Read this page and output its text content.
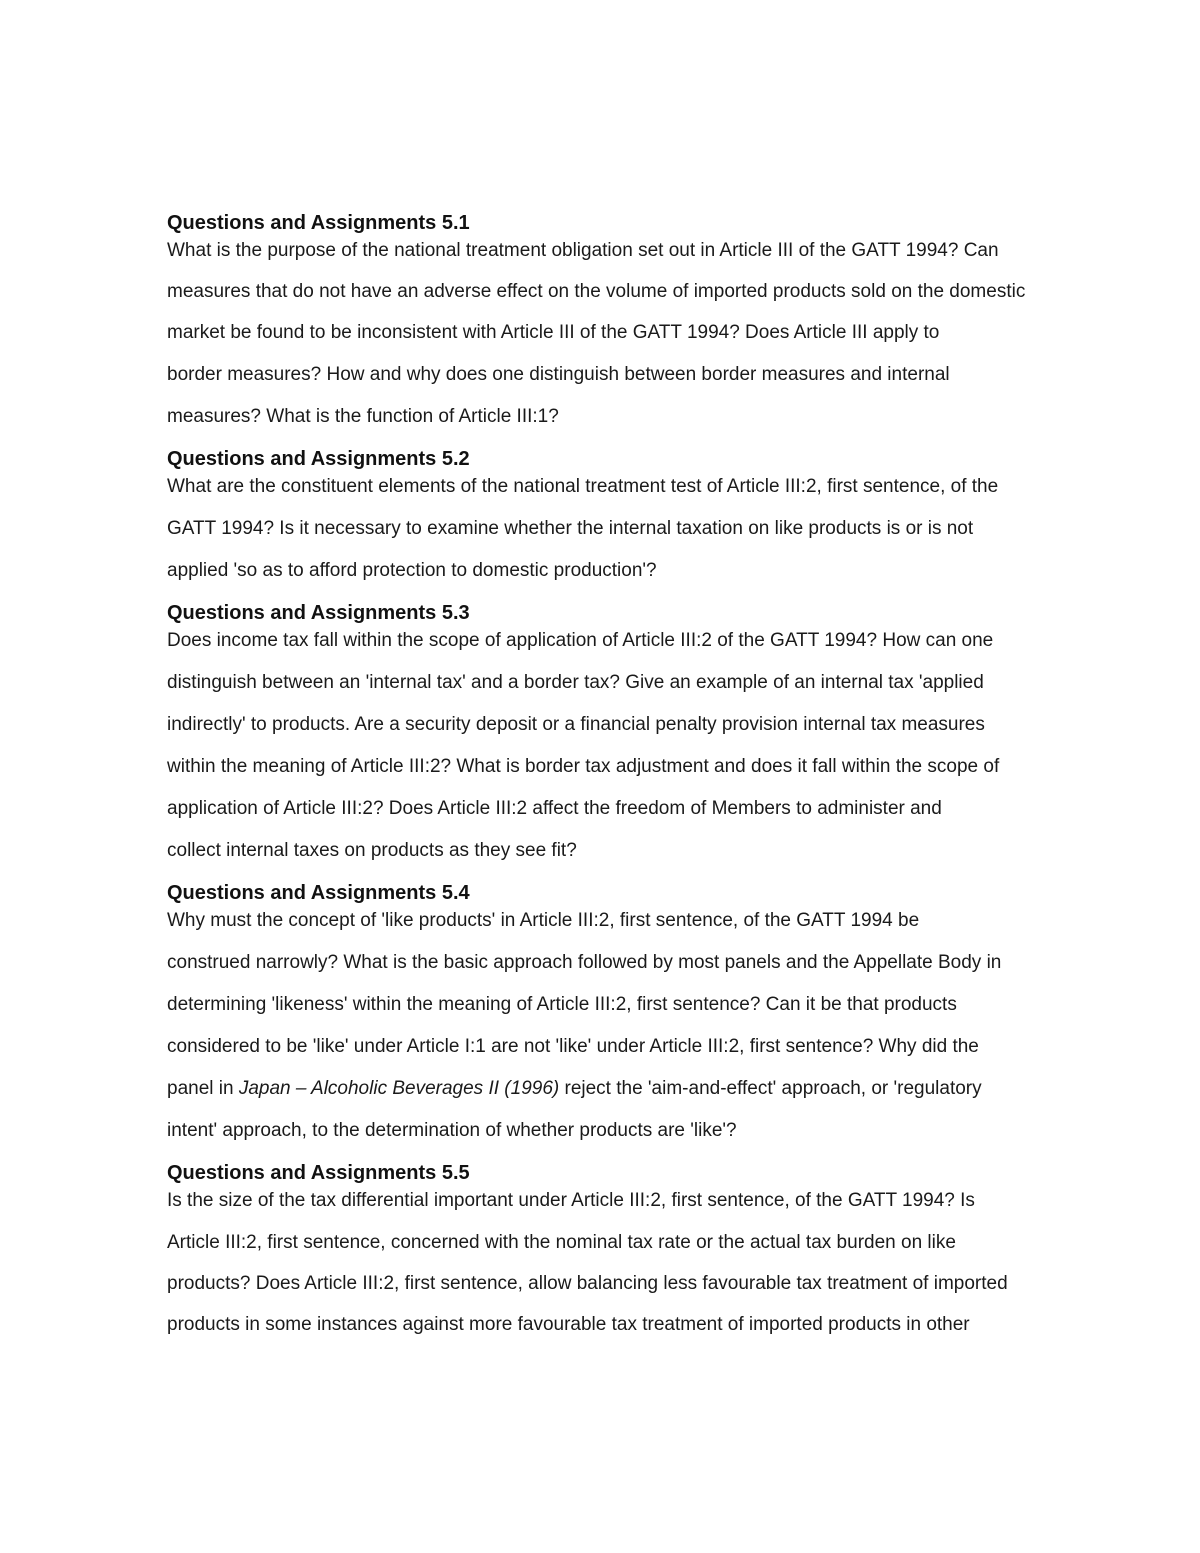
Questions and Assignments 5.1

What is the purpose of the national treatment obligation set out in Article III of the GATT 1994? Can

measures that do not have an adverse effect on the volume of imported products sold on the domestic

market be found to be inconsistent with Article III of the GATT 1994? Does Article III apply to

border measures? How and why does one distinguish between border measures and internal

measures? What is the function of Article III:1?

Questions and Assignments 5.2

What are the constituent elements of the national treatment test of Article III:2, first sentence, of the

GATT 1994? Is it necessary to examine whether the internal taxation on like products is or is not

applied 'so as to afford protection to domestic production'?

Questions and Assignments 5.3

Does income tax fall within the scope of application of Article III:2 of the GATT 1994? How can one

distinguish between an 'internal tax' and a border tax? Give an example of an internal tax 'applied

indirectly' to products. Are a security deposit or a financial penalty provision internal tax measures

within the meaning of Article III:2? What is border tax adjustment and does it fall within the scope of

application of Article III:2? Does Article III:2 affect the freedom of Members to administer and

collect internal taxes on products as they see fit?

Questions and Assignments 5.4

Why must the concept of 'like products' in Article III:2, first sentence, of the GATT 1994 be

construed narrowly? What is the basic approach followed by most panels and the Appellate Body in

determining 'likeness' within the meaning of Article III:2, first sentence? Can it be that products

considered to be 'like' under Article I:1 are not 'like' under Article III:2, first sentence? Why did the

panel in Japan – Alcoholic Beverages II (1996) reject the 'aim-and-effect' approach, or 'regulatory

intent' approach, to the determination of whether products are 'like'?

Questions and Assignments 5.5

Is the size of the tax differential important under Article III:2, first sentence, of the GATT 1994? Is

Article III:2, first sentence, concerned with the nominal tax rate or the actual tax burden on like

products? Does Article III:2, first sentence, allow balancing less favourable tax treatment of imported

products in some instances against more favourable tax treatment of imported products in other
